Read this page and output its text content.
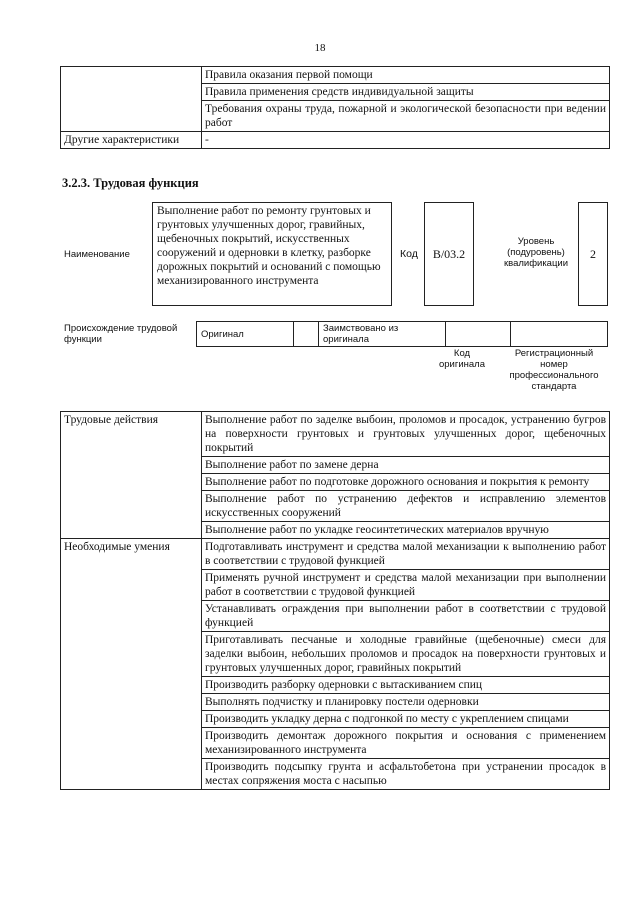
18
	Правила оказания первой помощи
	Правила применения средств индивидуальной защиты
	Требования охраны труда, пожарной и экологической безопасности при ведении работ
Другие характеристики	-
3.2.3. Трудовая функция
Наименование
Выполнение работ по ремонту грунтовых и грунтовых улучшенных дорог, гравийных, щебеночных покрытий, искусственных сооружений и одерновки в клетку, разборке дорожных покрытий и оснований с помощью механизированного инструмента
Код B/03.2
Уровень (подуровень) квалификации
2
Происхождение трудовой функции	Оригинал		Заимствовано из оригинала		
Код оригинала
Регистрационный номер профессионального стандарта
Трудовые действия	Выполнение работ по заделке выбоин, проломов и просадок, устранению бугров на поверхности грунтовых и грунтовых улучшенных дорог, щебеночных покрытий
	Выполнение работ по замене дерна
	Выполнение работ по подготовке дорожного основания и покрытия к ремонту
	Выполнение работ по устранению дефектов и исправлению элементов искусственных сооружений
	Выполнение работ по укладке геосинтетических материалов вручную
Необходимые умения	Подготавливать инструмент и средства малой механизации к выполнению работ в соответствии с трудовой функцией
	Применять ручной инструмент и средства малой механизации при выполнении работ в соответствии с трудовой функцией
	Устанавливать ограждения при выполнении работ в соответствии с трудовой функцией
	Приготавливать песчаные и холодные гравийные (щебеночные) смеси для заделки выбоин, небольших проломов и просадок на поверхности грунтовых и грунтовых улучшенных дорог, гравийных покрытий
	Производить разборку одерновки с вытаскиванием спиц
	Выполнять подчистку и планировку постели одерновки
	Производить укладку дерна с подгонкой по месту с укреплением спицами
	Производить демонтаж дорожного покрытия и основания с применением механизированного инструмента
	Производить подсыпку грунта и асфальтобетона при устранении просадок в местах сопряжения моста с насыпью
